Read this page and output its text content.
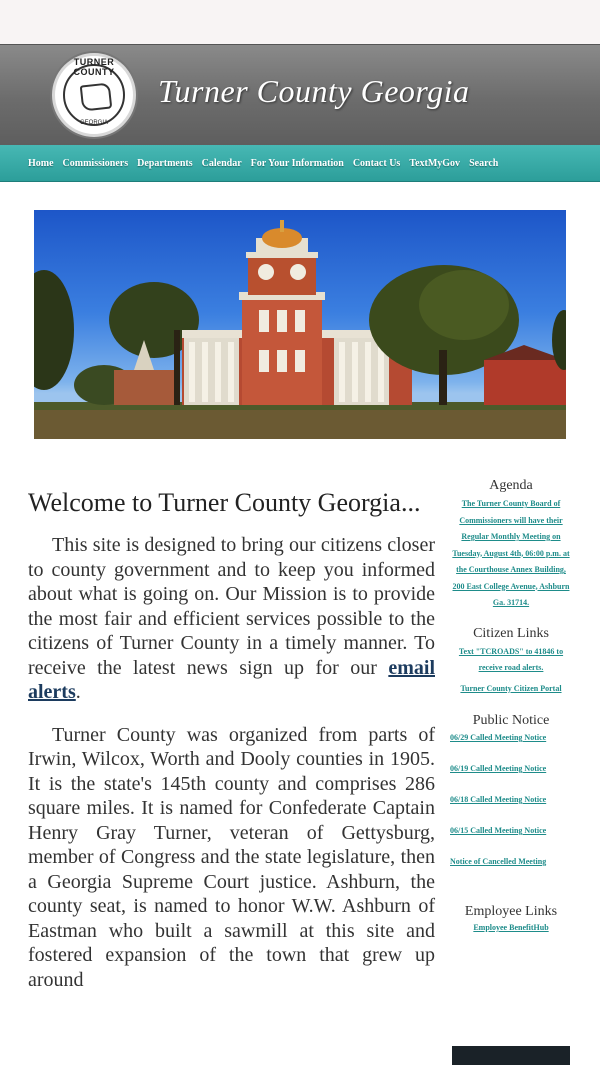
TURNER COUNTY
GEORGIA
Turner County Georgia
Home Commissioners Departments Calendar For Your Information Contact Us TextMyGov Search
Welcome to Turner County Georgia...

This site is designed to bring our citizens closer to county government and to keep you informed about what is going on. Our Mission is to provide the most fair and efficient services possible to the citizens of Turner County in a timely manner. To receive the latest news sign up for our email alerts.

Turner County was organized from parts of Irwin, Wilcox, Worth and Dooly counties in 1905. It is the state's 145th county and comprises 286 square miles. It is named for Confederate Captain Henry Gray Turner, veteran of Gettysburg, member of Congress and the state legislature, then a Georgia Supreme Court justice. Ashburn, the county seat, is named to honor W.W. Ashburn of Eastman who built a sawmill at this site and fostered expansion of the town that grew up around

Agenda
The Turner County Board of Commissioners will have their Regular Monthly Meeting on Tuesday, August 4th, 06:00 p.m. at the Courthouse Annex Building, 200 East College Avenue, Ashburn Ga. 31714.
Citizen Links
Text "TCROADS" to 41846 to receive road alerts.
Turner County Citizen Portal
Public Notice
06/29 Called Meeting Notice
06/19 Called Meeting Notice
06/18 Called Meeting Notice
06/15 Called Meeting Notice
Notice of Cancelled Meeting
Employee Links
Employee BenefitHub
